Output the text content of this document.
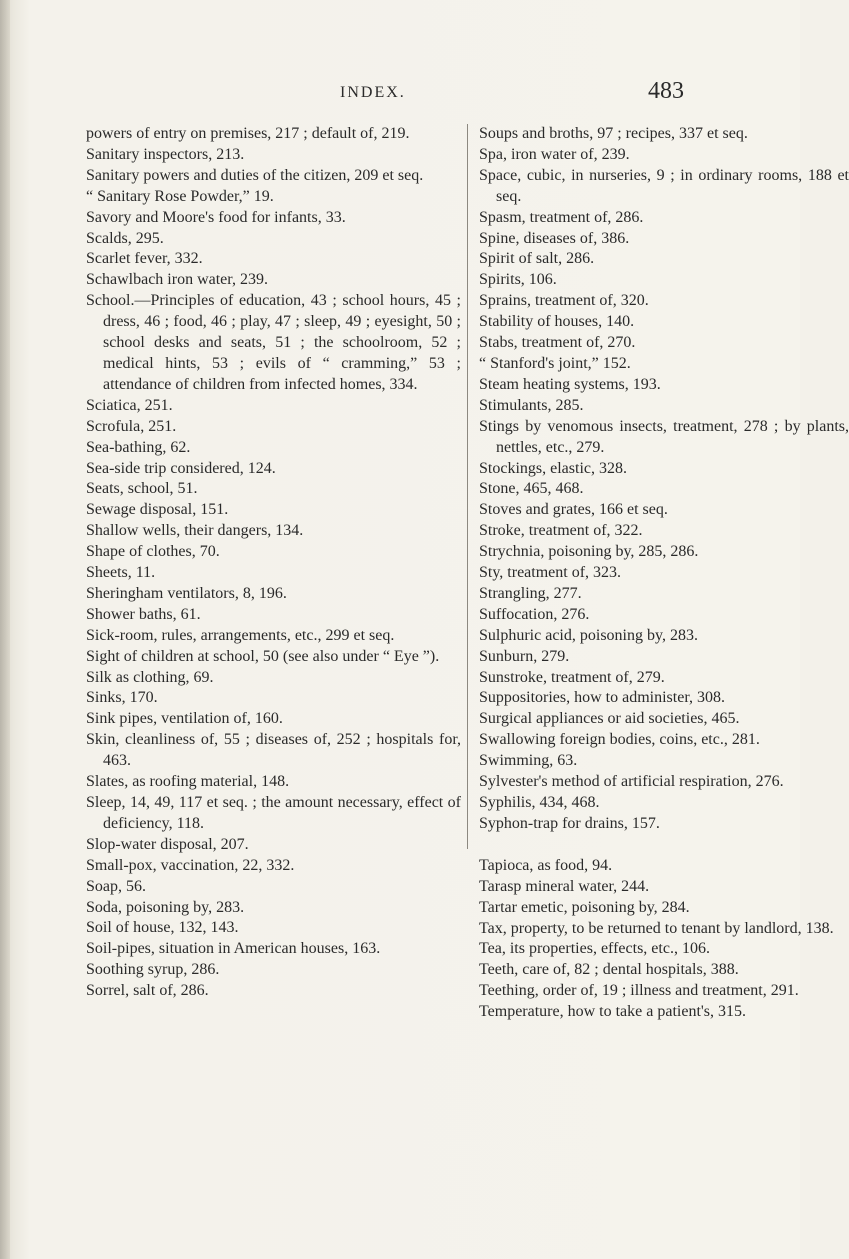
INDEX.	483

powers of entry on premises, 217 ; default of, 219.

Sanitary inspectors, 213.

Sanitary powers and duties of the citizen, 209 et seq.

“ Sanitary Rose Powder,” 19.

Savory and Moore's food for infants, 33.

Scalds, 295.

Scarlet fever, 332.

Schawlbach iron water, 239.

School.—Principles of education, 43 ; school hours, 45 ; dress, 46 ; food, 46 ; play, 47 ; sleep, 49 ; eyesight, 50 ; school desks and seats, 51 ; the schoolroom, 52 ; medical hints, 53 ; evils of “ cramming,” 53 ; attendance of children from infected homes, 334.

Sciatica, 251.

Scrofula, 251.

Sea-bathing, 62.

Sea-side trip considered, 124.

Seats, school, 51.

Sewage disposal, 151.

Shallow wells, their dangers, 134.

Shape of clothes, 70.

Sheets, 11.

Sheringham ventilators, 8, 196.

Shower baths, 61.

Sick-room, rules, arrangements, etc., 299 et seq.

Sight of children at school, 50 (see also under “ Eye ”).

Silk as clothing, 69.

Sinks, 170.

Sink pipes, ventilation of, 160.

Skin, cleanliness of, 55 ; diseases of, 252 ; hospitals for, 463.

Slates, as roofing material, 148.

Sleep, 14, 49, 117 et seq. ; the amount necessary, effect of deficiency, 118.

Slop-water disposal, 207.

Small-pox, vaccination, 22, 332.

Soap, 56.

Soda, poisoning by, 283.

Soil of house, 132, 143.

Soil-pipes, situation in American houses, 163.

Soothing syrup, 286.

Sorrel, salt of, 286.

Soups and broths, 97 ; recipes, 337 et seq.

Spa, iron water of, 239.

Space, cubic, in nurseries, 9 ; in ordinary rooms, 188 et seq.

Spasm, treatment of, 286.

Spine, diseases of, 386.

Spirit of salt, 286.

Spirits, 106.

Sprains, treatment of, 320.

Stability of houses, 140.

Stabs, treatment of, 270.

“ Stanford's joint,” 152.

Steam heating systems, 193.

Stimulants, 285.

Stings by venomous insects, treatment, 278 ; by plants, nettles, etc., 279.

Stockings, elastic, 328.

Stone, 465, 468.

Stoves and grates, 166 et seq.

Stroke, treatment of, 322.

Strychnia, poisoning by, 285, 286.

Sty, treatment of, 323.

Strangling, 277.

Suffocation, 276.

Sulphuric acid, poisoning by, 283.

Sunburn, 279.

Sunstroke, treatment of, 279.

Suppositories, how to administer, 308.

Surgical appliances or aid societies, 465.

Swallowing foreign bodies, coins, etc., 281.

Swimming, 63.

Sylvester's method of artificial respiration, 276.

Syphilis, 434, 468.

Syphon-trap for drains, 157.

Tapioca, as food, 94.

Tarasp mineral water, 244.

Tartar emetic, poisoning by, 284.

Tax, property, to be returned to tenant by landlord, 138.

Tea, its properties, effects, etc., 106.

Teeth, care of, 82 ; dental hospitals, 388.

Teething, order of, 19 ; illness and treatment, 291.

Temperature, how to take a patient's, 315.
